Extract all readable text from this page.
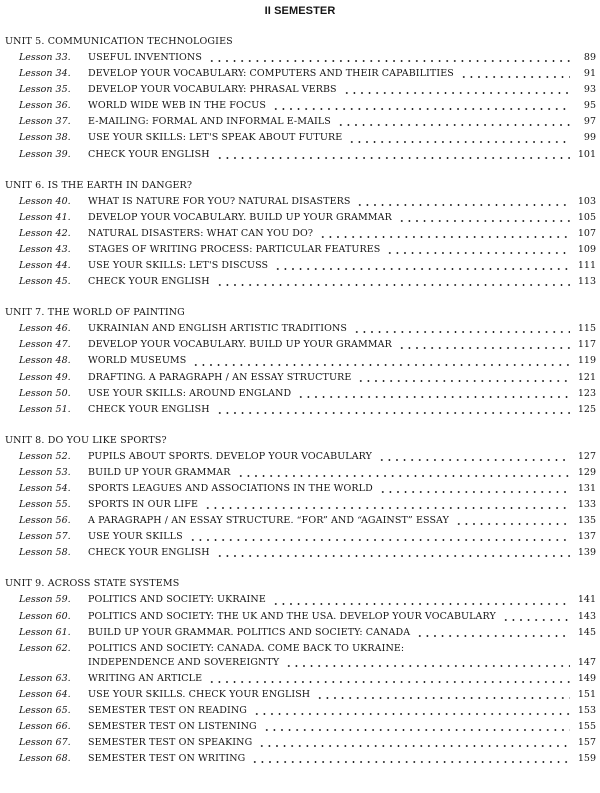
II SEMESTER
UNIT 5. COMMUNICATION TECHNOLOGIES
Lesson 33. USEFUL INVENTIONS	89
Lesson 34. DEVELOP YOUR VOCABULARY: COMPUTERS AND THEIR CAPABILITIES	91
Lesson 35. DEVELOP YOUR VOCABULARY: PHRASAL VERBS	93
Lesson 36. WORLD WIDE WEB IN THE FOCUS	95
Lesson 37. E-MAILING: FORMAL AND INFORMAL E-MAILS	97
Lesson 38. USE YOUR SKILLS: LET'S SPEAK ABOUT FUTURE	99
Lesson 39. CHECK YOUR ENGLISH	101
UNIT 6. IS THE EARTH IN DANGER?
Lesson 40. WHAT IS NATURE FOR YOU? NATURAL DISASTERS	103
Lesson 41. DEVELOP YOUR VOCABULARY. BUILD UP YOUR GRAMMAR	105
Lesson 42. NATURAL DISASTERS: WHAT CAN YOU DO?	107
Lesson 43. STAGES OF WRITING PROCESS: PARTICULAR FEATURES	109
Lesson 44. USE YOUR SKILLS: LET'S DISCUSS	111
Lesson 45. CHECK YOUR ENGLISH	113
UNIT 7. THE WORLD OF PAINTING
Lesson 46. UKRAINIAN AND ENGLISH ARTISTIC TRADITIONS	115
Lesson 47. DEVELOP YOUR VOCABULARY. BUILD UP YOUR GRAMMAR	117
Lesson 48. WORLD MUSEUMS	119
Lesson 49. DRAFTING. A PARAGRAPH / AN ESSAY STRUCTURE	121
Lesson 50. USE YOUR SKILLS: AROUND ENGLAND	123
Lesson 51. CHECK YOUR ENGLISH	125
UNIT 8. DO YOU LIKE SPORTS?
Lesson 52. PUPILS ABOUT SPORTS. DEVELOP YOUR VOCABULARY	127
Lesson 53. BUILD UP YOUR GRAMMAR	129
Lesson 54. SPORTS LEAGUES AND ASSOCIATIONS IN THE WORLD	131
Lesson 55. SPORTS IN OUR LIFE	133
Lesson 56. A PARAGRAPH / AN ESSAY STRUCTURE. “FOR” AND “AGAINST” ESSAY	135
Lesson 57. USE YOUR SKILLS	137
Lesson 58. CHECK YOUR ENGLISH	139
UNIT 9. ACROSS STATE SYSTEMS
Lesson 59. POLITICS AND SOCIETY: UKRAINE	141
Lesson 60. POLITICS AND SOCIETY: THE UK AND THE USA. DEVELOP YOUR VOCABULARY	143
Lesson 61. BUILD UP YOUR GRAMMAR. POLITICS AND SOCIETY: CANADA	145
Lesson 62. POLITICS AND SOCIETY: CANADA. COME BACK TO UKRAINE:
INDEPENDENCE AND SOVEREIGNTY	147
Lesson 63. WRITING AN ARTICLE	149
Lesson 64. USE YOUR SKILLS. CHECK YOUR ENGLISH	151
Lesson 65. SEMESTER TEST ON READING	153
Lesson 66. SEMESTER TEST ON LISTENING	155
Lesson 67. SEMESTER TEST ON SPEAKING	157
Lesson 68. SEMESTER TEST ON WRITING	159
